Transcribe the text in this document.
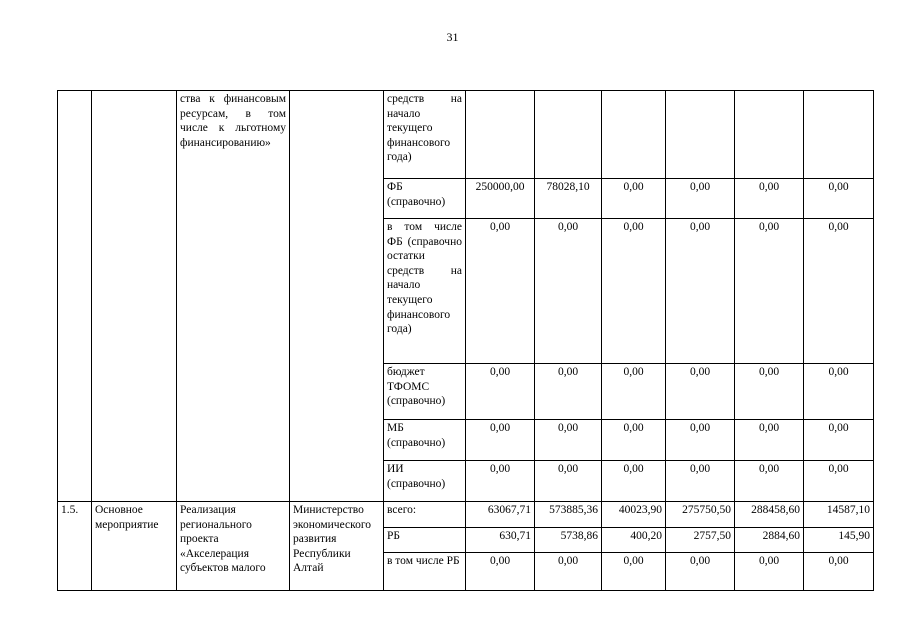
31
		ства к финансовым ресурсам, в том числе к льготному финансированию»		средств на начало текущего финансового года)						
				ФБ (справочно)	250000,00	78028,10	0,00	0,00	0,00	0,00
				в том числе ФБ (справочно остатки средств на начало текущего финансового года)	0,00	0,00	0,00	0,00	0,00	0,00
				бюджет ТФОМС (справочно)	0,00	0,00	0,00	0,00	0,00	0,00
				МБ (справочно)	0,00	0,00	0,00	0,00	0,00	0,00
				ИИ (справочно)	0,00	0,00	0,00	0,00	0,00	0,00
1.5.	Основное мероприятие	Реализация регионального проекта «Акселерация субъектов малого	Министерство экономического развития Республики Алтай	всего:	63067,71	573885,36	40023,90	275750,50	288458,60	14587,10
				РБ	630,71	5738,86	400,20	2757,50	2884,60	145,90
				в том числе РБ	0,00	0,00	0,00	0,00	0,00	0,00
